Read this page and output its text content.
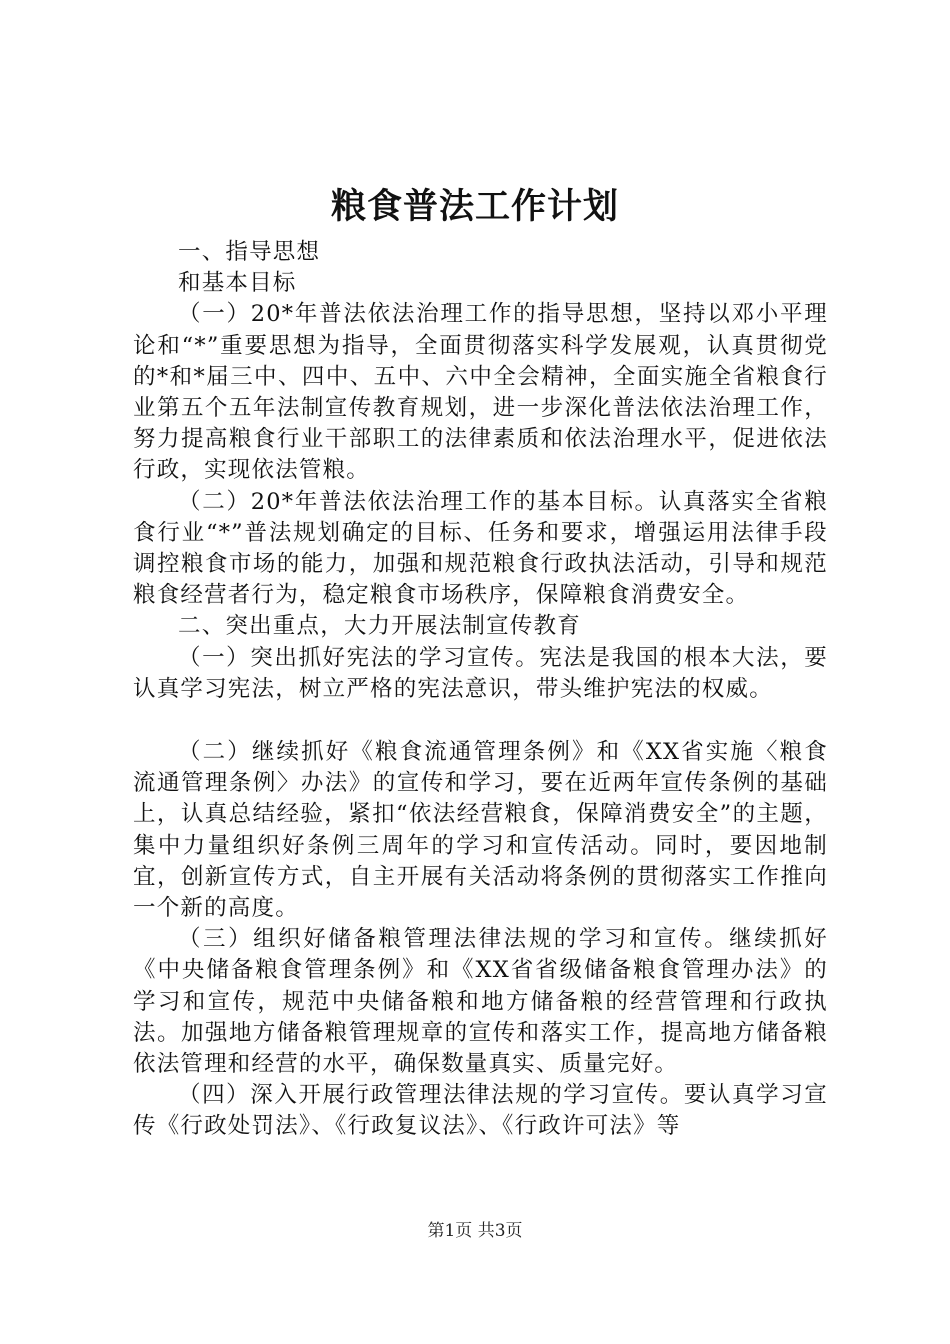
粮食普法工作计划

一、指导思想

和基本目标

（一）20*年普法依法治理工作的指导思想，坚持以邓小平理论和“*”重要思想为指导，全面贯彻落实科学发展观，认真贯彻党的*和*届三中、四中、五中、六中全会精神，全面实施全省粮食行业第五个五年法制宣传教育规划，进一步深化普法依法治理工作，努力提高粮食行业干部职工的法律素质和依法治理水平，促进依法行政，实现依法管粮。

（二）20*年普法依法治理工作的基本目标。认真落实全省粮食行业“*”普法规划确定的目标、任务和要求，增强运用法律手段调控粮食市场的能力，加强和规范粮食行政执法活动，引导和规范粮食经营者行为，稳定粮食市场秩序，保障粮食消费安全。

二、突出重点，大力开展法制宣传教育

（一）突出抓好宪法的学习宣传。宪法是我国的根本大法，要认真学习宪法，树立严格的宪法意识，带头维护宪法的权威。

（二）继续抓好《粮食流通管理条例》和《XX省实施〈粮食流通管理条例〉办法》的宣传和学习，要在近两年宣传条例的基础上，认真总结经验，紧扣“依法经营粮食，保障消费安全”的主题，集中力量组织好条例三周年的学习和宣传活动。同时，要因地制宜，创新宣传方式，自主开展有关活动将条例的贯彻落实工作推向一个新的高度。

（三）组织好储备粮管理法律法规的学习和宣传。继续抓好《中央储备粮食管理条例》和《XX省省级储备粮食管理办法》的学习和宣传，规范中央储备粮和地方储备粮的经营管理和行政执法。加强地方储备粮管理规章的宣传和落实工作，提高地方储备粮依法管理和经营的水平，确保数量真实、质量完好。

（四）深入开展行政管理法律法规的学习宣传。要认真学习宣传《行政处罚法》、《行政复议法》、《行政许可法》等

第1页 共3页
